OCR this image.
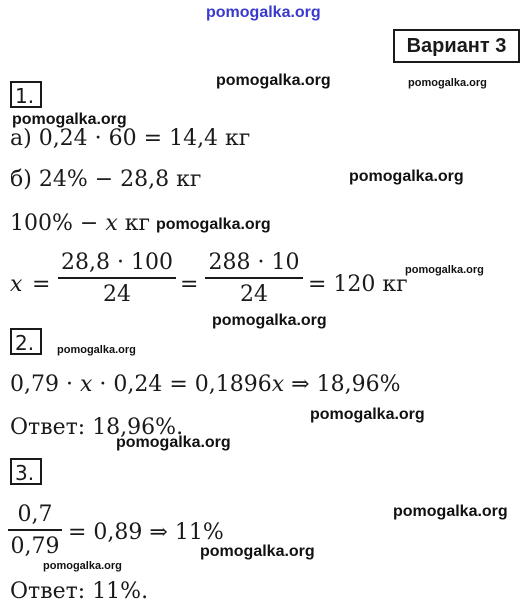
pomogalka.org
Вариант 3
1.
pomogalka.org	pomogalka.org
pomogalka.org
а) 0,24 · 60 = 14,4 кг
б) 24% − 28,8 кг	pomogalka.org
100% − x кг pomogalka.org
x =
28,8 · 100
24	=
288 · 10
24	= 120 кг
pomogalka.org
pomogalka.org
2.	pomogalka.org
0,79 · x · 0,24 = 0,1896x ⇒ 18,96%
pomogalka.org
Ответ: 18,96%.
pomogalka.org
3.
0,7
0,79
= 0,89 ⇒ 11%
pomogalka.org
pomogalka.org
pomogalka.org
Ответ: 11%.
